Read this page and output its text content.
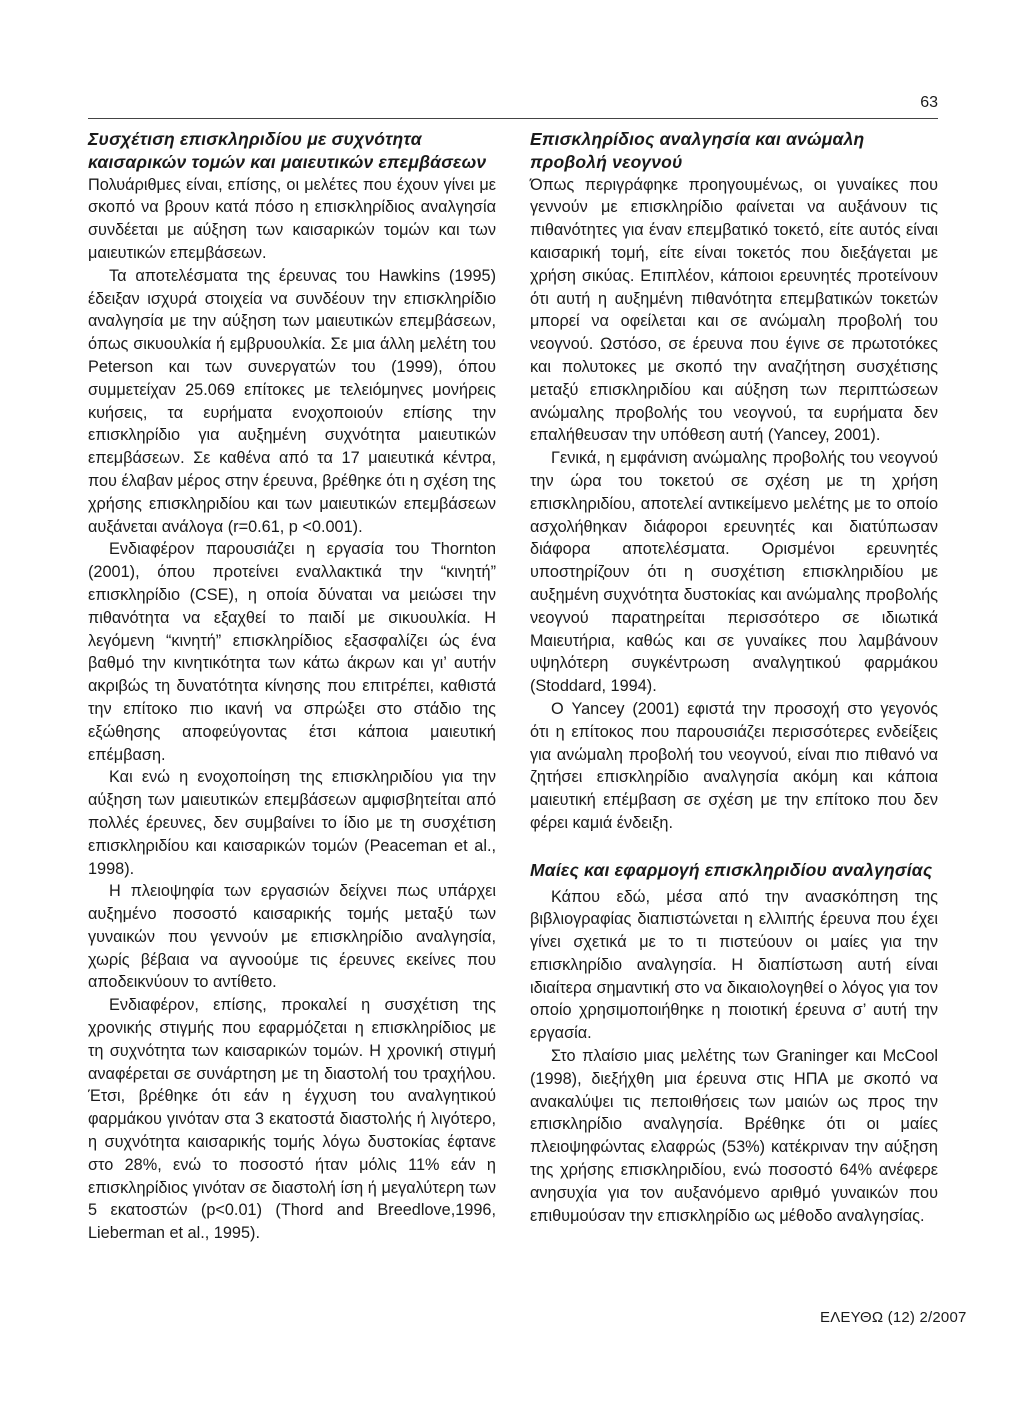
63
Συσχέτιση επισκληριδίου με συχνότητα καισαρικών τομών και μαιευτικών επεμβάσεων

Πολυάριθμες είναι, επίσης, οι μελέτες που έχουν γίνει με σκοπό να βρουν κατά πόσο η επισκληρίδιος αναλγησία συνδέεται με αύξηση των καισαρικών τομών και των μαιευτικών επεμβάσεων.

Τα αποτελέσματα της έρευνας του Hawkins (1995) έδειξαν ισχυρά στοιχεία να συνδέουν την επισκληρίδιο αναλγησία με την αύξηση των μαιευτικών επεμβάσεων, όπως σικυουλκία ή εμβρυουλκία. Σε μια άλλη μελέτη του Peterson και των συνεργατών του (1999), όπου συμμετείχαν 25.069 επίτοκες με τελειόμηνες μονήρεις κυήσεις, τα ευρήματα ενοχοποιούν επίσης την επισκληρίδιο για αυξημένη συχνότητα μαιευτικών επεμβάσεων. Σε καθένα από τα 17 μαιευτικά κέντρα, που έλαβαν μέρος στην έρευνα, βρέθηκε ότι η σχέση της χρήσης επισκληριδίου και των μαιευτικών επεμβάσεων αυξάνεται ανάλογα (r=0.61, p <0.001).

Ενδιαφέρον παρουσιάζει η εργασία του Thornton (2001), όπου προτείνει εναλλακτικά την “κινητή” επισκληρίδιο (CSE), η οποία δύναται να μειώσει την πιθανότητα να εξαχθεί το παιδί με σικυουλκία. Η λεγόμενη “κινητή” επισκληρίδιος εξασφαλίζει ώς ένα βαθμό την κινητικότητα των κάτω άκρων και γι’ αυτήν ακριβώς τη δυνατότητα κίνησης που επιτρέπει, καθιστά την επίτοκο πιο ικανή να σπρώξει στο στάδιο της εξώθησης αποφεύγοντας έτσι κάποια μαιευτική επέμβαση.

Και ενώ η ενοχοποίηση της επισκληριδίου για την αύξηση των μαιευτικών επεμβάσεων αμφισβητείται από πολλές έρευνες, δεν συμβαίνει το ίδιο με τη συσχέτιση επισκληριδίου και καισαρικών τομών (Peaceman et al., 1998).

Η πλειοψηφία των εργασιών δείχνει πως υπάρχει αυξημένο ποσοστό καισαρικής τομής μεταξύ των γυναικών που γεννούν με επισκληρίδιο αναλγησία, χωρίς βέβαια να αγνοούμε τις έρευνες εκείνες που αποδεικνύουν το αντίθετο.

Ενδιαφέρον, επίσης, προκαλεί η συσχέτιση της χρονικής στιγμής που εφαρμόζεται η επισκληρίδιος με τη συχνότητα των καισαρικών τομών. Η χρονική στιγμή αναφέρεται σε συνάρτηση με τη διαστολή του τραχήλου. Έτσι, βρέθηκε ότι εάν η έγχυση του αναλγητικού φαρμάκου γινόταν στα 3 εκατοστά διαστολής ή λιγότερο, η συχνότητα καισαρικής τομής λόγω δυστοκίας έφτανε στο 28%, ενώ το ποσοστό ήταν μόλις 11% εάν η επισκληρίδιος γινόταν σε διαστολή ίση ή μεγαλύτερη των 5 εκατοστών (p<0.01) (Thord and Breedlove,1996, Lieberman et al., 1995).

Επισκληρίδιος αναλγησία και ανώμαλη προβολή νεογνού

Όπως περιγράφηκε προηγουμένως, οι γυναίκες που γεννούν με επισκληρίδιο φαίνεται να αυξάνουν τις πιθανότητες για έναν επεμβατικό τοκετό, είτε αυτός είναι καισαρική τομή, είτε είναι τοκετός που διεξάγεται με χρήση σικύας. Επιπλέον, κάποιοι ερευνητές προτείνουν ότι αυτή η αυξημένη πιθανότητα επεμβατικών τοκετών μπορεί να οφείλεται και σε ανώμαλη προβολή του νεογνού. Ωστόσο, σε έρευνα που έγινε σε πρωτοτόκες και πολυτοκες με σκοπό την αναζήτηση συσχέτισης μεταξύ επισκληριδίου και αύξηση των περιπτώσεων ανώμαλης προβολής του νεογνού, τα ευρήματα δεν επαλήθευσαν την υπόθεση αυτή (Yancey, 2001).

Γενικά, η εμφάνιση ανώμαλης προβολής του νεογνού την ώρα του τοκετού σε σχέση με τη χρήση επισκληριδίου, αποτελεί αντικείμενο μελέτης με το οποίο ασχολήθηκαν διάφοροι ερευνητές και διατύπωσαν διάφορα αποτελέσματα. Ορισμένοι ερευνητές υποστηρίζουν ότι η συσχέτιση επισκληριδίου με αυξημένη συχνότητα δυστοκίας και ανώμαλης προβολής νεογνού παρατηρείται περισσότερο σε ιδιωτικά Μαιευτήρια, καθώς και σε γυναίκες που λαμβάνουν υψηλότερη συγκέντρωση αναλγητικού φαρμάκου (Stoddard, 1994).

Ο Yancey (2001) εφιστά την προσοχή στο γεγονός ότι η επίτοκος που παρουσιάζει περισσότερες ενδείξεις για ανώμαλη προβολή του νεογνού, είναι πιο πιθανό να ζητήσει επισκληρίδιο αναλγησία ακόμη και κάποια μαιευτική επέμβαση σε σχέση με την επίτοκο που δεν φέρει καμιά ένδειξη.

Μαίες και εφαρμογή επισκληριδίου αναλγησίας

Κάπου εδώ, μέσα από την ανασκόπηση της βιβλιογραφίας διαπιστώνεται η ελλιπής έρευνα που έχει γίνει σχετικά με το τι πιστεύουν οι μαίες για την επισκληρίδιο αναλγησία. Η διαπίστωση αυτή είναι ιδιαίτερα σημαντική στο να δικαιολογηθεί ο λόγος για τον οποίο χρησιμοποιήθηκε η ποιοτική έρευνα σ’ αυτή την εργασία.

Στο πλαίσιο μιας μελέτης των Graninger και McCool (1998), διεξήχθη μια έρευνα στις ΗΠΑ με σκοπό να ανακαλύψει τις πεποιθήσεις των μαιών ως προς την επισκληρίδιο αναλγησία. Βρέθηκε ότι οι μαίες πλειοψηφώντας ελαφρώς (53%) κατέκριναν την αύξηση της χρήσης επισκληριδίου, ενώ ποσοστό 64% ανέφερε ανησυχία για τον αυξανόμενο αριθμό γυναικών που επιθυμούσαν την επισκληρίδιο ως μέθοδο αναλγησίας.

ΕΛΕΥΘΩ (12) 2/2007
